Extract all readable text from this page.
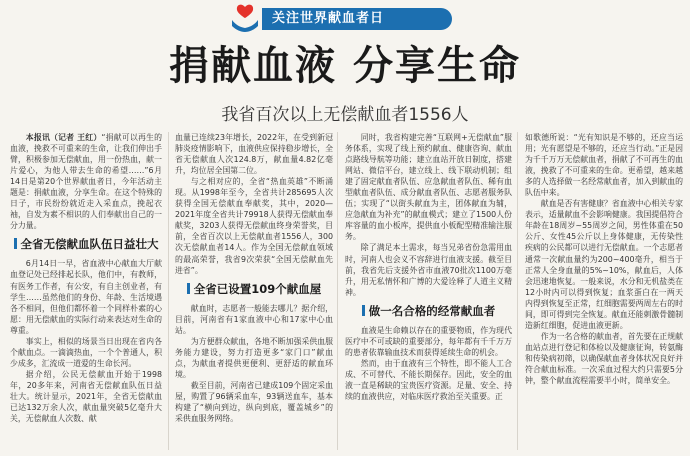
关注世界献血者日
捐献血液 分享生命
我省百次以上无偿献血者1556人

本报讯（记者 王红）“捐献可以再生的血液，挽救不可重来的生命，让我们伸出手臂，积极参加无偿献血，用一份热血，献一片爱心，为他人带去生命的希望……”6月14日是第20个世界献血者日，今年活动主题是：捐献血液，分享生命。在这个特殊的日子，市民纷纷就近走入采血点，挽起衣袖，自发为素不相识的人们奉献出自己的一分力量。

全省无偿献血队伍日益壮大

6月14日一早，省血液中心献血大厅献血登记处已经排起长队，他们中，有教师，有医务工作者，有公安，有自主创业者，有学生……虽然他们的身份、年龄、生活境遇各不相同，但他们都怀着一个同样朴素的心愿：用无偿献血的实际行动来表达对生命的尊重。

事实上，相似的场景当日出现在省内各个献血点。一滴滴热血，一个个普通人，积少成多，汇流成一道爱的生命长河。

据介绍，公民无偿献血开始于1998年，20多年来，河南省无偿献血队伍日益壮大。统计显示，2021年，全省无偿献血已达132万余人次，献血量突破5亿毫升大关，无偿献血人次数、献

血量已连续23年增长，2022年，在受到新冠肺炎疫情影响下，血液供应保持稳步增长，全省无偿献血人次124.8万，献血量4.82亿毫升，均位居全国第二位。

与之相对应的，全省“热血英雄”不断涌现。从1998年至今，全省共计285695人次获得全国无偿献血奉献奖，其中，2020—2021年度全省共计79918人获得无偿献血奉献奖，3203人获得无偿献血终身荣誉奖，目前，全省百次以上无偿献血者1556人，300次无偿献血者14人。作为全国无偿献血领域的最高荣誉，我省9次荣获“全国无偿献血先进省”。

全省已设置109个献血屋

献血时，志愿者一般能去哪儿？据介绍，目前，河南省有1家血液中心和17家中心血站。

为方便群众献血，各地不断加强采供血服务能力建设，努力打造更多“家门口”献血点，为献血者提供更便利、更舒适的献血环境。

截至目前，河南省已建成109个固定采血屋，购置了96辆采血车，93辆送血车，基本构建了“横向到边，纵向到底，覆盖城乡”的采供血服务网络。

同时，我省构建完善“互联网+无偿献血”服务体系，实现了线上预约献血、健康咨询、献血点路线导航等功能；建立血站开放日制度，搭建网站、微信平台，建立线上、线下联动机制；组建了固定献血者队伍、应急献血者队伍、稀有血型献血者队伍、成分献血者队伍、志愿者服务队伍；实现了“以街头献血为主，团体献血为辅，应急献血为补充”的献血模式；建立了1500人份库容量的血小板库，提供血小板配型精准输注服务。

除了满足本土需求，每当兄弟省份急需用血时，河南人也会义不容辞进行血液支援。截至目前，我省先后支援外省市血液70批次1100万毫升，用无私情怀和广博的大爱诠释了人道主义精神。

做一名合格的经常献血者

血液是生命赖以存在的重要物质，作为现代医疗中不可或缺的重要部分，每年都有千千万万的患者依靠输血技术而获得延续生命的机会。

然而，由于血液有三个特性，即不能人工合成、不可替代、不能长期保存。因此，安全的血液一直是稀缺的宝贵医疗资源。足量、安全、持续的血液供应，对临床医疗救治至关重要。正

如歌德所说：“光有知识是不够的，还应当运用；光有愿望是不够的，还应当行动。”正是因为千千万万无偿献血者，捐献了不可再生的血液，挽救了不可重来的生命。更希望，越来越多的人选择做一名经常献血者，加入到献血的队伍中来。

献血是否有害健康？省血液中心相关专家表示，适量献血不会影响健康。我国提倡符合年龄在18周岁~55周岁之间，男性体重在50公斤、女性45公斤以上身体健康，无传染性疾病的公民都可以进行无偿献血。一个志愿者通常一次献血量约为200~400毫升，相当于正常人全身血量的5%~10%，献血后，人体会迅速地恢复。一般来说，水分和无机盐类在12小时内可以得到恢复；血浆蛋白在一两天内得到恢复至正常，红细胞需要两周左右的时间，即可得到完全恢复。献血还能刺激骨髓制造新红细胞，促进血液更新。

作为一名合格的献血者，首先要在正规献血站点进行登记和体检以及健康征询，转氨酶和传染病初筛，以确保献血者身体状况良好并符合献血标准。一次采血过程大约只需要5分钟，整个献血流程需要半小时，简单安全。
